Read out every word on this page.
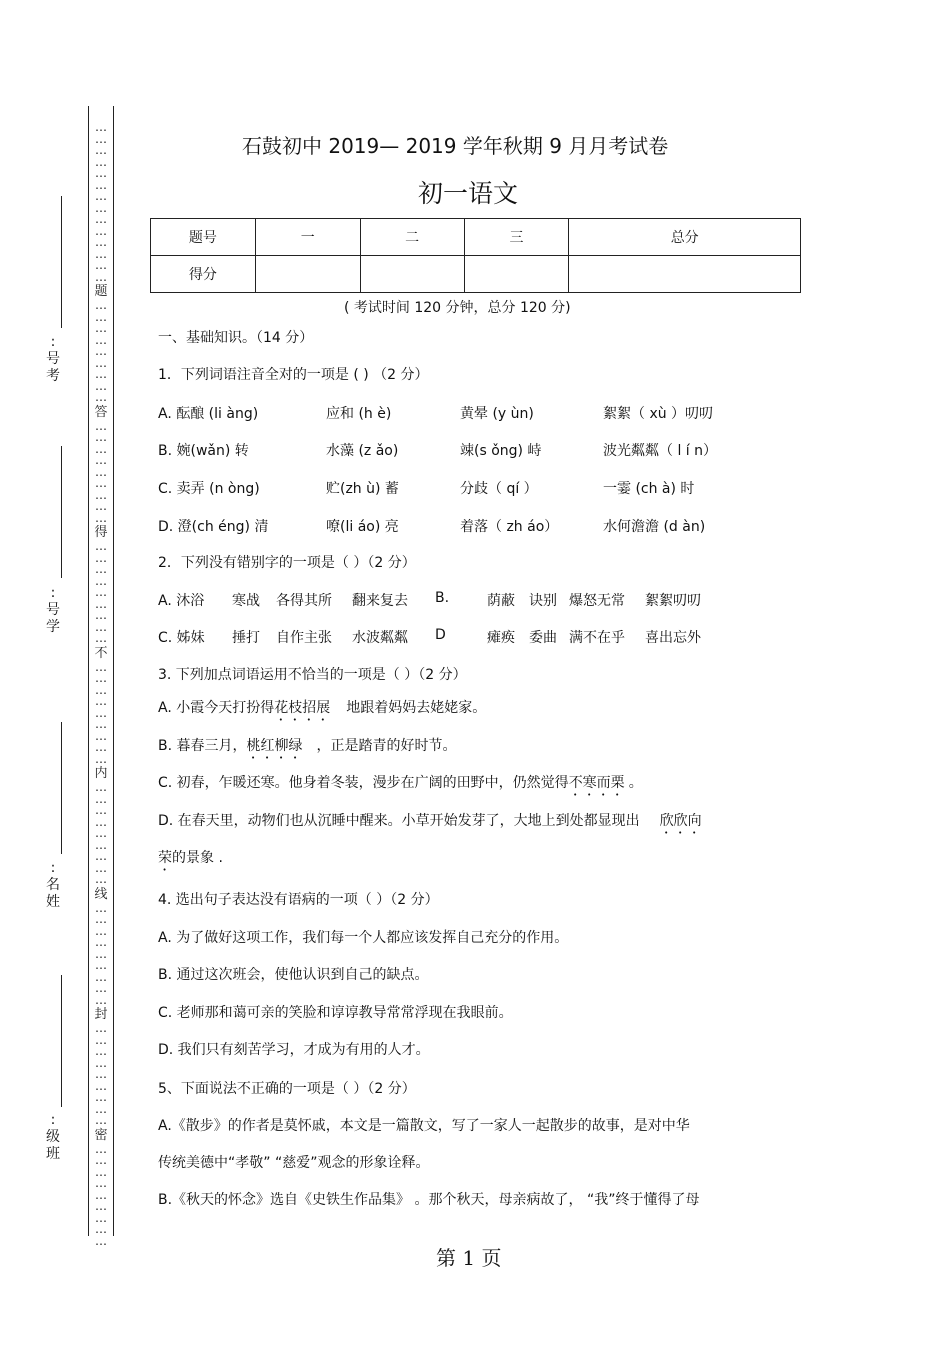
…
…
…
…
…
…
…
…
…
…
…
…
…
…
题
…
…
…
…
…
…
…
…
…
答
…
…
…
…
…
…
…
…
…
得
…
…
…
…
…
…
…
…
…
不
…
…
…
…
…
…
…
…
…
内
…
…
…
…
…
…
…
…
…
线
…
…
…
…
…
…
…
…
…
封
…
…
…
…
…
…
…
…
…
密
…
…
…
…
…
…
…
…
…
:
号
考
:
号
学
:
名
姓
:
级
班
石鼓初中 2019— 2019 学年秋期 9 月月考试卷
初一语文
题号	一	二	三	总分
得分				
( 考试时间 120 分钟，总分 120 分)
一、基础知识。（14 分）
1．下列词语注音全对的一项是 ( ) （2 分）
A. 酝酿 (li àng)	应和 (h è)	黄晕 (y ùn)	絮絮（ xù ）叨叨
B. 婉(wǎn) 转	水藻 (z ǎo)	竦(s ǒng) 峙	波光粼粼（ l í n）
C. 卖弄 (n òng)	贮(zh ù) 蓄	分歧（ qí ）	一霎 (ch à) 时
D. 澄(ch éng) 清	嘹(li áo) 亮	着落（ zh áo）	水何澹澹 (d àn)
2．下列没有错别字的一项是（ ）（2 分）
A. 沐浴 寒战 各得其所 翻来复去 B.	荫蔽 诀别 爆怒无常 絮絮叨叨
C. 姊妹 捶打 自作主张 水波粼粼 D	瘫痪 委曲 满不在乎 喜出忘外
3. 下列加点词语运用不恰当的一项是（ ）（2 分）
A. 小霞今天打扮得花枝招展 地跟着妈妈去姥姥家。
B. 暮春三月，桃红柳绿 ，正是踏青的好时节。
C. 初春，乍暖还寒。他身着冬装，漫步在广阔的田野中，仍然觉得不寒而栗 。
D. 在春天里，动物们也从沉睡中醒来。小草开始发芽了，大地上到处都显现出 欣欣向
荣的景象 .
4. 选出句子表达没有语病的一项（ ）（2 分）
A. 为了做好这项工作，我们每一个人都应该发挥自己充分的作用。
B. 通过这次班会，使他认识到自己的缺点。
C. 老师那和蔼可亲的笑脸和谆谆教导常常浮现在我眼前。
D. 我们只有刻苦学习，才成为有用的人才。
5、下面说法不正确的一项是（ ）（2 分）
A.《散步》的作者是莫怀戚，本文是一篇散文，写了一家人一起散步的故事，是对中华
传统美德中“孝敬” “慈爱”观念的形象诠释。
B.《秋天的怀念》选自《史铁生作品集》 。那个秋天，母亲病故了， “我”终于懂得了母
第 1 页
